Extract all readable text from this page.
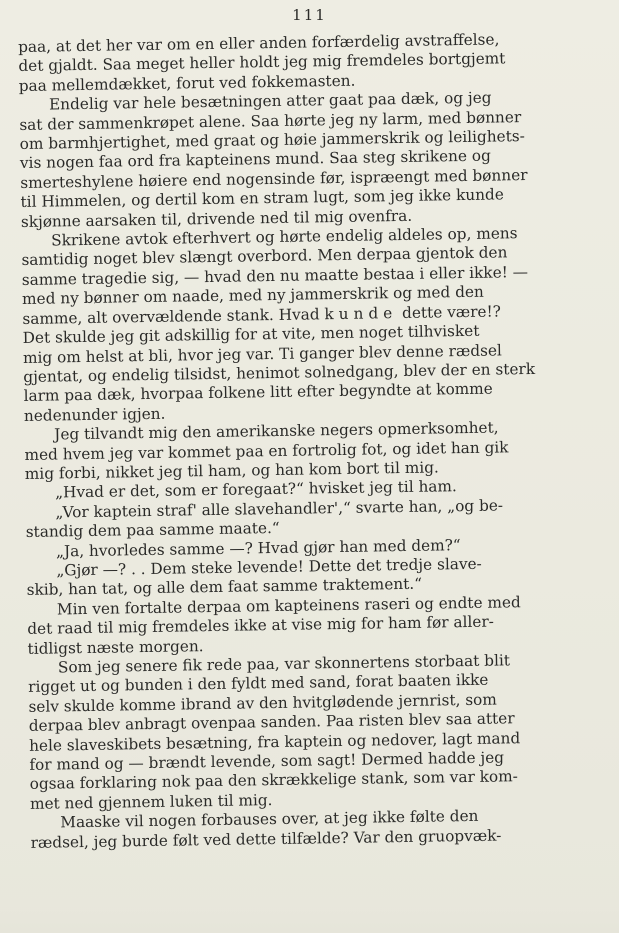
111
paa, at det her var om en eller anden forfærdelig avstraffelse,
det gjaldt. Saa meget heller holdt jeg mig fremdeles bortgjemt
paa mellemdækket, forut ved fokkemasten.
Endelig var hele besætningen atter gaat paa dæk, og jeg
sat der sammenkrøpet alene. Saa hørte jeg ny larm, med bønner
om barmhjertighet, med graat og høie jammerskrik og leilighets-
vis nogen faa ord fra kapteinens mund. Saa steg skrikene og
smerteshylene høiere end nogensinde før, ispræengt med bønner
til Himmelen, og dertil kom en stram lugt, som jeg ikke kunde
skjønne aarsaken til, drivende ned til mig ovenfra.
Skrikene avtok efterhvert og hørte endelig aldeles op, mens
samtidig noget blev slængt overbord. Men derpaa gjentok den
samme tragedie sig, — hvad den nu maatte bestaa i eller ikke! —
med ny bønner om naade, med ny jammerskrik og med den
samme, alt overvældende stank. Hvad kunde dette være!?
Det skulde jeg git adskillig for at vite, men noget tilhvisket
mig om helst at bli, hvor jeg var. Ti ganger blev denne rædsel
gjentat, og endelig tilsidst, henimot solnedgang, blev der en sterk
larm paa dæk, hvorpaa folkene litt efter begyndte at komme
nedenunder igjen.
Jeg tilvandt mig den amerikanske negers opmerksomhet,
med hvem jeg var kommet paa en fortrolig fot, og idet han gik
mig forbi, nikket jeg til ham, og han kom bort til mig.
„Hvad er det, som er foregaat?“ hvisket jeg til ham.
„Vor kaptein straf' alle slavehandler',“ svarte han, „og be-
standig dem paa samme maate.“
„Ja, hvorledes samme —? Hvad gjør han med dem?“
„Gjør —? . . Dem steke levende! Dette det tredje slave-
skib, han tat, og alle dem faat samme traktement.“
Min ven fortalte derpaa om kapteinens raseri og endte med
det raad til mig fremdeles ikke at vise mig for ham før aller-
tidligst næste morgen.
Som jeg senere fik rede paa, var skonnertens storbaat blit
rigget ut og bunden i den fyldt med sand, forat baaten ikke
selv skulde komme ibrand av den hvitglødende jernrist, som
derpaa blev anbragt ovenpaa sanden. Paa risten blev saa atter
hele slaveskibets besætning, fra kaptein og nedover, lagt mand
for mand og — brændt levende, som sagt! Dermed hadde jeg
ogsaa forklaring nok paa den skrækkelige stank, som var kom-
met ned gjennem luken til mig.
Maaske vil nogen forbauses over, at jeg ikke følte den
rædsel, jeg burde følt ved dette tilfælde? Var den gruopvæk-
